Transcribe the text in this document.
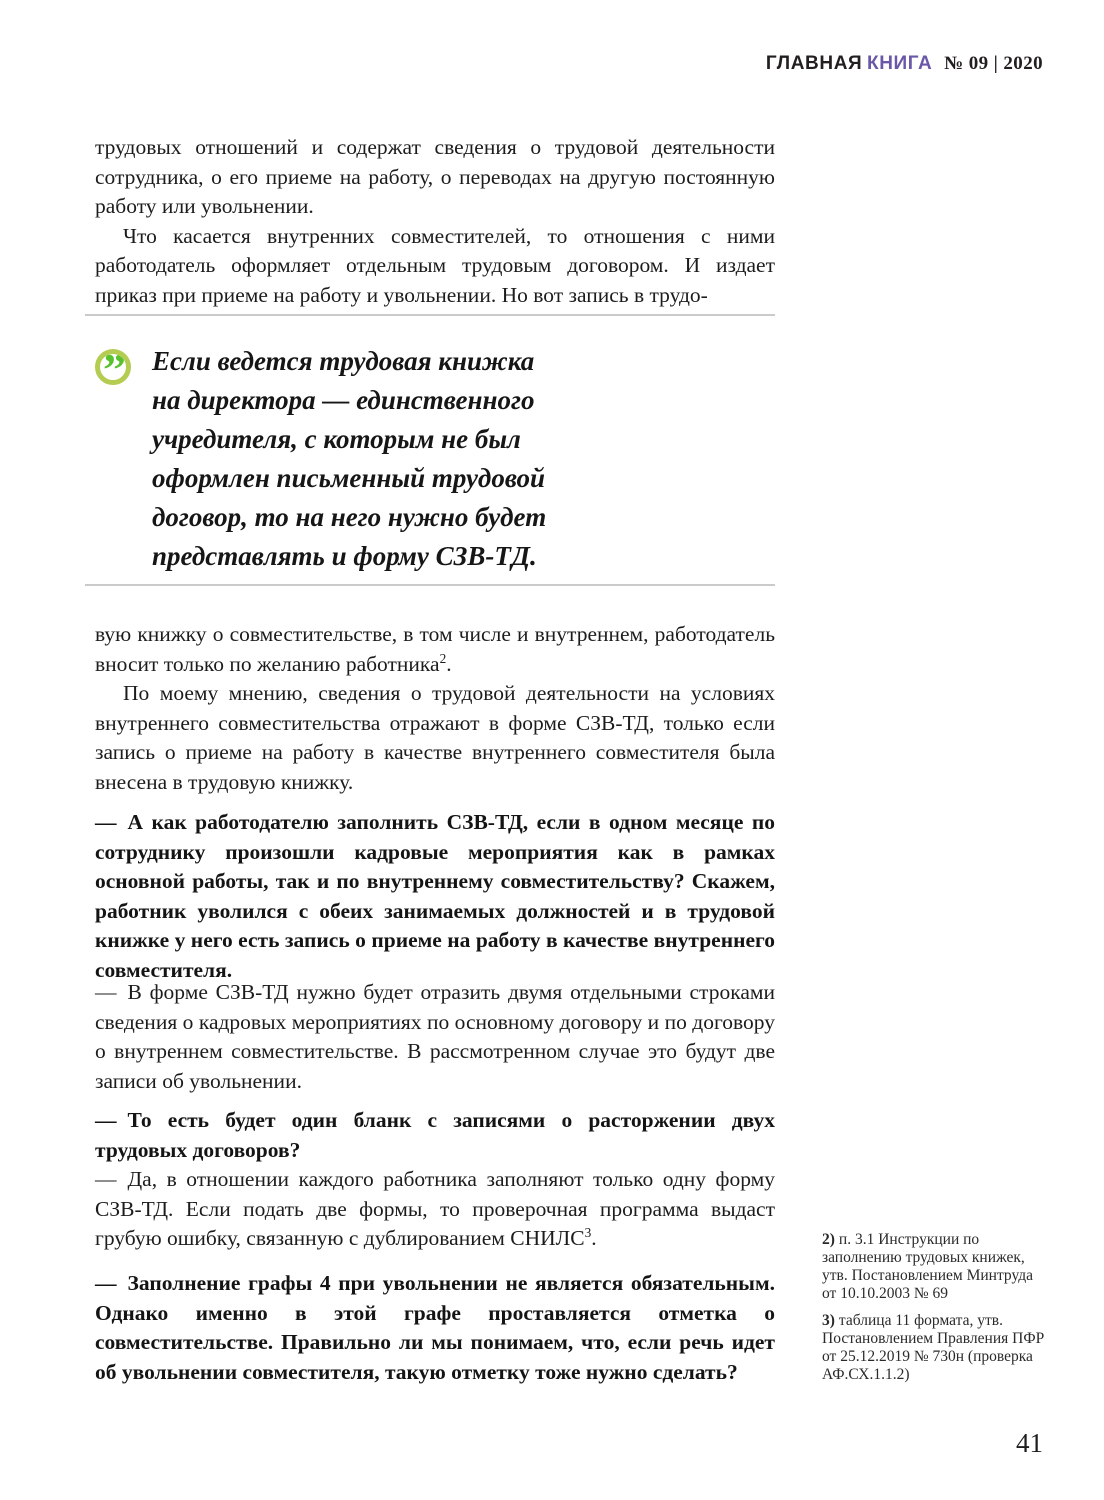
ГЛАВНАЯ КНИГА № 09 | 2020

трудовых отношений и содержат сведения о трудовой деятельности сотрудника, о его приеме на работу, о переводах на другую постоянную работу или увольнении.

Что касается внутренних совместителей, то отношения с ними работодатель оформляет отдельным трудовым договором. И издает приказ при приеме на работу и увольнении. Но вот запись в трудо-

” Если ведется трудовая книжка
на директора — единственного
учредителя, с которым не был
оформлен письменный трудовой
договор, то на него нужно будет
представлять и форму СЗВ-ТД.

вую книжку о совместительстве, в том числе и внутреннем, работодатель вносит только по желанию работника$^2$.

По моему мнению, сведения о трудовой деятельности на условиях внутреннего совместительства отражают в форме СЗВ-ТД, только если запись о приеме на работу в качестве внутреннего совместителя была внесена в трудовую книжку.

— А как работодателю заполнить СЗВ-ТД, если в одном месяце по сотруднику произошли кадровые мероприятия как в рамках основной работы, так и по внутреннему совместительству? Скажем, работник уволился с обеих занимаемых должностей и в трудовой книжке у него есть запись о приеме на работу в качестве внутреннего совместителя.

— В форме СЗВ-ТД нужно будет отразить двумя отдельными строками сведения о кадровых мероприятиях по основному договору и по договору о внутреннем совместительстве. В рассмотренном случае это будут две записи об увольнении.

— То есть будет один бланк с записями о расторжении двух трудовых договоров?

— Да, в отношении каждого работника заполняют только одну форму СЗВ-ТД. Если подать две формы, то проверочная программа выдаст грубую ошибку, связанную с дублированием СНИЛС$^3$.

— Заполнение графы 4 при увольнении не является обязательным. Однако именно в этой графе проставляется отметка о совместительстве. Правильно ли мы понимаем, что, если речь идет об увольнении совместителя, такую отметку тоже нужно сделать?

2) п. 3.1 Инструкции по заполнению трудовых книжек, утв. Постановлением Минтруда от 10.10.2003 № 69

3) таблица 11 формата, утв. Постановлением Правления ПФР от 25.12.2019 № 730н (проверка АФ.СХ.1.1.2)

41
